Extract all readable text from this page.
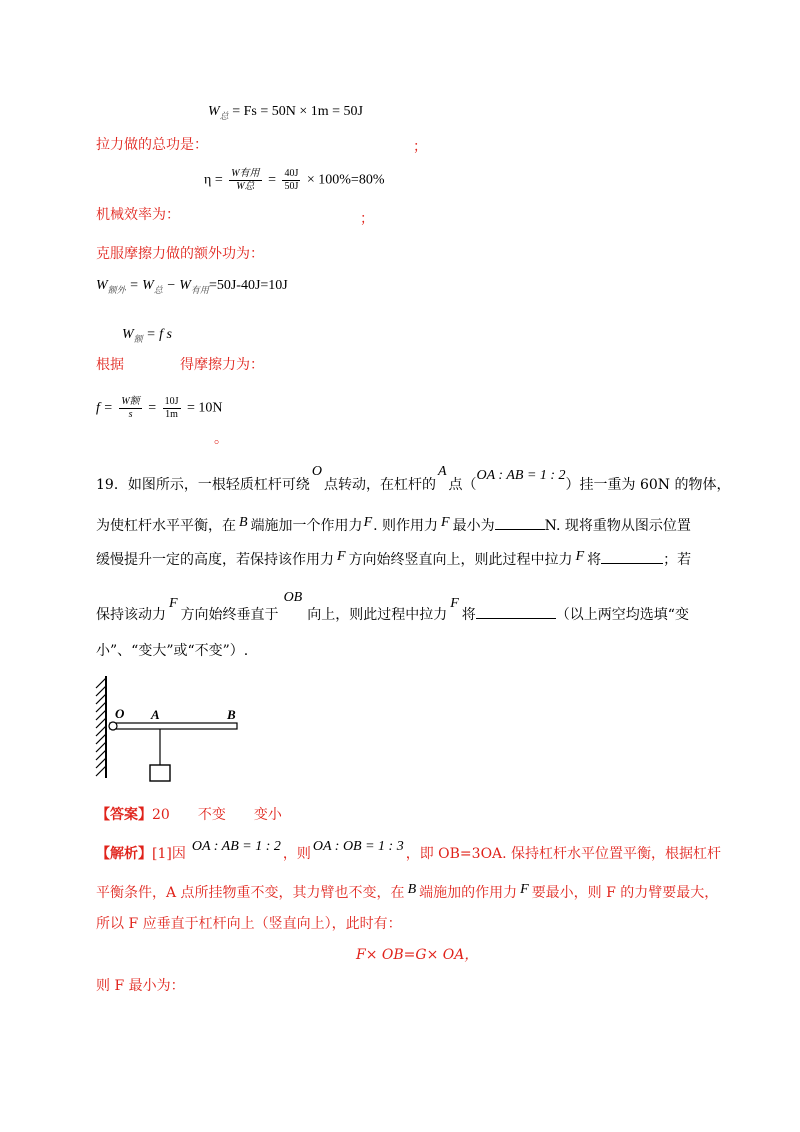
$W_总 = Fs = 50N \times 1m = 50J$
拉力做的总功是：	；
$\eta = \frac{\text{W有用}}{\text{W总}} = \frac{40J}{50J} \times 100\%=80\%$
机械效率为：	；
克服摩擦力做的额外功为：
$W_{额外} = W_总 - W_{有用}=50J-40J=10J$
$W_额 = f$ s
根据	得摩擦力为：
$f = \frac{\text{W额}}{s} = \frac{10J}{1m} = 10N$
。
19．如图所示，一根轻质杠杆可绕O点转动，在杠杆的A点（OA : AB = 1 : 2）挂一重为 60N 的物体，
为使杠杆水平平衡，在 B 端施加一个作用力F. 则作用力 F 最小为	N. 现将重物从图示位置
缓慢提升一定的高度，若保持该作用力 F 方向始终竖直向上，则此过程中拉力 F 将	；若
保持该动力F方向始终垂直于OB向上，则此过程中拉力F将	（以上两空均选填“变
小”、“变大”或“不变”）.
O A	B
【答案】20 不变 变小
【解析】[1]因 OA : AB = 1 : 2 ，则 OA : OB = 1 : 3 ，即 OB=3OA. 保持杠杆水平位置平衡，根据杠杆
平衡条件，A 点所挂物重不变，其力臂也不变，在 B 端施加的作用力 F 要最小，则 F 的力臂要最大，
所以 F 应垂直于杠杆向上（竖直向上），此时有：
F× OB=G× OA，
则 F 最小为：
